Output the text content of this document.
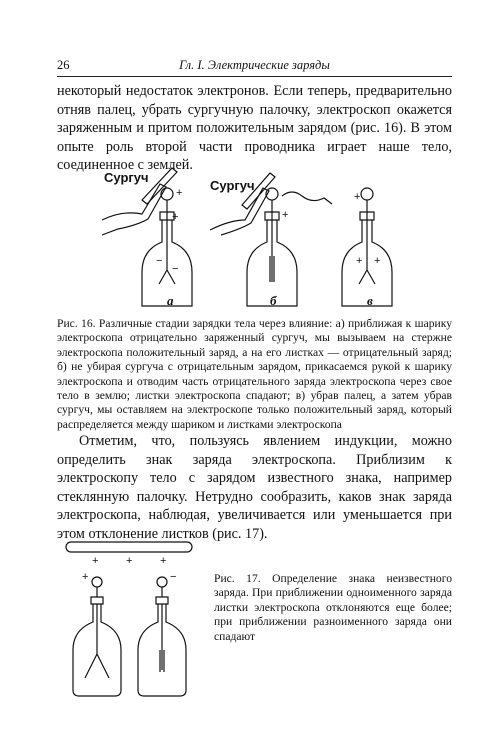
26	Гл. I. Электрические заряды
некоторый недостаток электронов. Если теперь, предварительно отняв палец, убрать сургучную палочку, электроскоп окажется заряженным и притом положительным зарядом (рис. 16). В этом опыте роль второй части проводника играет наше тело, соединенное с землей.
+
+
−
−
+
+
+ +
Сургуч
Сургуч
а	б	в
Рис. 16. Различные стадии зарядки тела через влияние: а) приближая к шарику электроскопа отрицательно заряженный сургуч, мы вызываем на стержне электроскопа положительный заряд, а на его листках — отрицательный заряд; б) не убирая сургуча с отрицательным зарядом, прикасаемся рукой к шарику электроскопа и отводим часть отрицательного заряда электроскопа через свое тело в землю; листки электроскопа спадают; в) убрав палец, а затем убрав сургуч, мы оставляем на электроскопе только положительный заряд, который распределяется между шариком и листками электроскопа
Отметим, что, пользуясь явлением индукции, можно определить знак заряда электроскопа. Приблизим к электроскопу тело с зарядом известного знака, например стеклянную палочку. Нетрудно сообразить, каков знак заряда электроскопа, наблюдая, увеличивается или уменьшается при этом отклонение листков (рис. 17).
+	+	+
+	−	Рис. 17. Определение знака неизвестного заряда. При приближении одноименного заряда листки электроскопа отклоняются еще более; при приближении разноименного заряда они спадают
